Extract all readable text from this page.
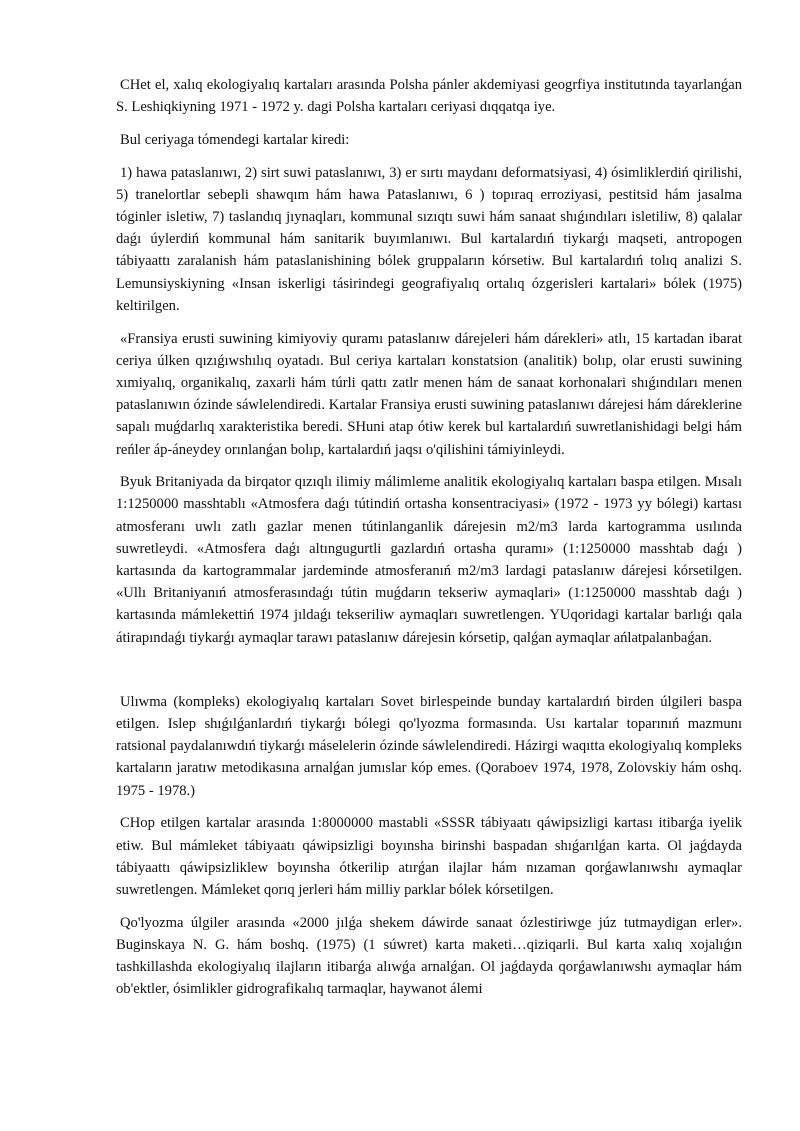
CHet el, xalıq ekologiyalıq kartaları arasında Polsha pánler akdemiyasi geogrfiya institutında tayarlanǵan S. Leshiqkiyning 1971 - 1972 y. dagi Polsha kartaları ceriyasi dıqqatqa iye.

Bul ceriyaga tómendegi kartalar kiredi:

1) hawa pataslanıwı, 2) sirt suwi pataslanıwı, 3) er sırtı maydanı deformatsiyasi, 4) ósimliklerdiń qirilishi, 5) tranelortlar sebepli shawqım hám hawa Pataslanıwı, 6 ) topıraq erroziyasi, pestitsid hám jasalma tóginler isletiw, 7) taslandıq jıynaqları, kommunal sızıqtı suwi hám sanaat shıǵındıları isletiliw, 8) qalalar daǵı úylerdiń kommunal hám sanitarik buyımlanıwı. Bul kartalardıń tiykarǵı maqseti, antropogen tábiyaattı zaralanish hám pataslanishining bólek gruppaların kórsetiw. Bul kartalardıń tolıq analizi S. Lemunsiyskiyning «Insan iskerligi tásirindegi geografiyalıq ortalıq ózgerisleri kartalari» bólek (1975) keltirilgen.

«Fransiya erusti suwining kimiyoviy quramı pataslanıw dárejeleri hám dárekleri» atlı, 15 kartadan ibarat ceriya úlken qızıǵıwshılıq oyatadı. Bul ceriya kartaları konstatsion (analitik) bolıp, olar erusti suwining xımiyalıq, organikalıq, zaxarli hám túrli qattı zatlr menen hám de sanaat korhonalari shıǵındıları menen pataslanıwın ózinde sáwlelendiredi. Kartalar Fransiya erusti suwining pataslanıwı dárejesi hám dáreklerine sapalı muǵdarlıq xarakteristika beredi. SHuni atap ótiw kerek bul kartalardıń suwretlanishidagi belgi hám reńler áp-áneydey orınlanǵan bolıp, kartalardıń jaqsı o'qilishini támiyinleydi.

Byuk Britaniyada da birqator qızıqlı ilimiy málimleme analitik ekologiyalıq kartaları baspa etilgen. Mısalı 1:1250000 masshtablı «Atmosfera daǵı tútindiń ortasha konsentraciyasi» (1972 - 1973 yy bólegi) kartası atmosferanı uwlı zatlı gazlar menen tútinlanganlik dárejesin m2/m3 larda kartogramma usılında suwretleydi. «Atmosfera daǵı altıngugurtli gazlardıń ortasha quramı» (1:1250000 masshtab daǵı ) kartasında da kartogrammalar jardeminde atmosferanıń m2/m3 lardagi pataslanıw dárejesi kórsetilgen. «Ullı Britaniyanıń atmosferasındaǵı tútin muǵdarın tekseriw aymaqlari» (1:1250000 masshtab daǵı ) kartasında mámlekettiń 1974 jıldaǵı tekseriliw aymaqları suwretlengen. YUqoridagi kartalar barlıǵı qala átirapındaǵı tiykarǵı aymaqlar tarawı pataslanıw dárejesin kórsetip, qalǵan aymaqlar ańlatpalanbaǵan.

Ulıwma (kompleks) ekologiyalıq kartaları Sovet birlespeinde bunday kartalardıń birden úlgileri baspa etilgen. Islep shıǵılǵanlardıń tiykarǵı bólegi qo'lyozma formasında. Usı kartalar toparınıń mazmunı ratsional paydalanıwdıń tiykarǵı máselelerin ózinde sáwlelendiredi. Házirgi waqıtta ekologiyalıq kompleks kartaların jaratıw metodikasına arnalǵan jumıslar kóp emes. (Qoraboev 1974, 1978, Zolovskiy hám oshq. 1975 - 1978.)

CHop etilgen kartalar arasında 1:8000000 mastabli «SSSR tábiyaatı qáwipsizligi kartası itibarǵa iyelik etiw. Bul mámleket tábiyaatı qáwipsizligi boyınsha birinshi baspadan shıǵarılǵan karta. Ol jaǵdayda tábiyaattı qáwipsizliklew boyınsha ótkerilip atırǵan ilajlar hám nızaman qorǵawlanıwshı aymaqlar suwretlengen. Mámleket qorıq jerleri hám milliy parklar bólek kórsetilgen.

Qo'lyozma úlgiler arasında «2000 jılǵa shekem dáwirde sanaat ózlestiriwge júz tutmaydigan erler». Buginskaya N. G. hám boshq. (1975) (1 súwret) karta maketi…qiziqarli. Bul karta xalıq xojalıǵın tashkillashda ekologiyalıq ilajların itibarǵa alıwǵa arnalǵan. Ol jaǵdayda qorǵawlanıwshı aymaqlar hám ob'ektler, ósimlikler gidrografikalıq tarmaqlar, haywanot álemi
